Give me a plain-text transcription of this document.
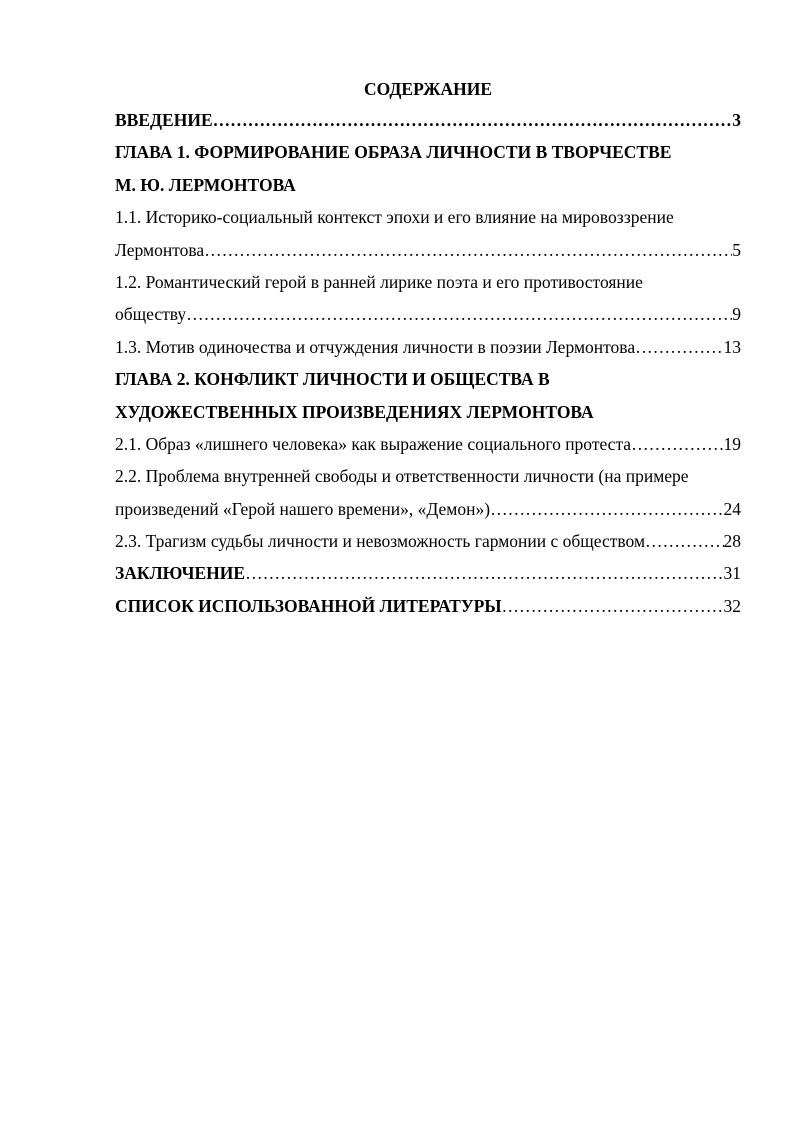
СОДЕРЖАНИЕ
ВВЕДЕНИЕ ………………………………………………………………………………………………………………………………………………………………………………………………………………	3
ГЛАВА 1. ФОРМИРОВАНИЕ ОБРАЗА ЛИЧНОСТИ В ТВОРЧЕСТВЕ
М. Ю. ЛЕРМОНТОВА
1.1. Историко-социальный контекст эпохи и его влияние на мировоззрение
Лермонтова ………………………………………………………………………………………………………………………………………………………………………………………………………………	5
1.2. Романтический герой в ранней лирике поэта и его противостояние
обществу ………………………………………………………………………………………………………………………………………………………………………………………………………………	9
1.3. Мотив одиночества и отчуждения личности в поэзии Лермонтова ………………………………………………………………………………………………………………………………………………………………………………………………………………	13
ГЛАВА 2. КОНФЛИКТ ЛИЧНОСТИ И ОБЩЕСТВА В
ХУДОЖЕСТВЕННЫХ ПРОИЗВЕДЕНИЯХ ЛЕРМОНТОВА
2.1. Образ «лишнего человека» как выражение социального протеста ………………………………………………………………………………………………………………………………………………………………………………………………………………	19
2.2. Проблема внутренней свободы и ответственности личности (на примере
произведений «Герой нашего времени», «Демон») ………………………………………………………………………………………………………………………………………………………………………………………………………………	24
2.3. Трагизм судьбы личности и невозможность гармонии с обществом ………………………………………………………………………………………………………………………………………………………………………………………………………………	28
ЗАКЛЮЧЕНИЕ ………………………………………………………………………………………………………………………………………………………………………………………………………………	31
СПИСОК ИСПОЛЬЗОВАННОЙ ЛИТЕРАТУРЫ ………………………………………………………………………………………………………………………………………………………………………………………………………………	32
